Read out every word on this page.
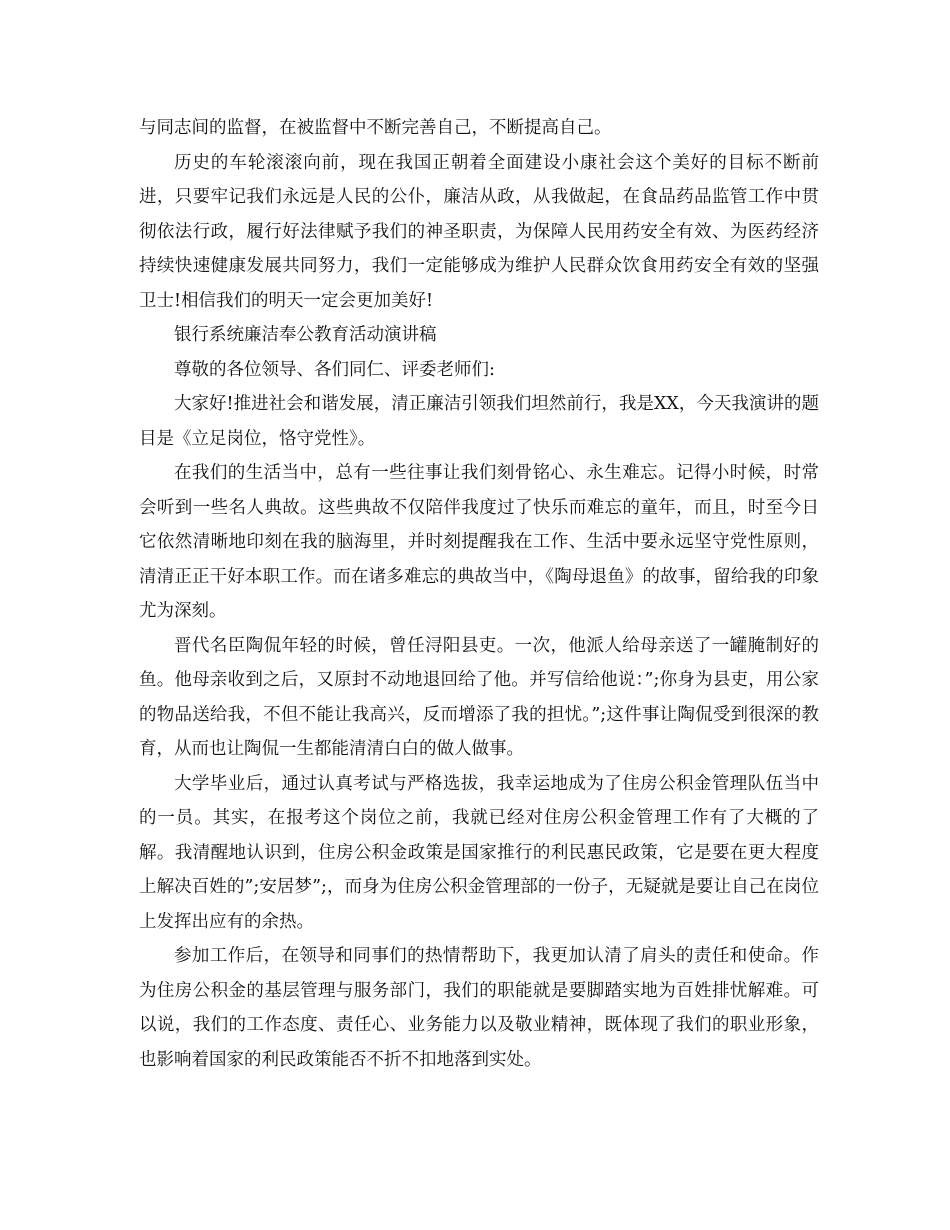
与同志间的监督，在被监督中不断完善自己，不断提高自己。

历史的车轮滚滚向前，现在我国正朝着全面建设小康社会这个美好的目标不断前进，只要牢记我们永远是人民的公仆，廉洁从政，从我做起，在食品药品监管工作中贯彻依法行政，履行好法律赋予我们的神圣职责，为保障人民用药安全有效、为医药经济持续快速健康发展共同努力，我们一定能够成为维护人民群众饮食用药安全有效的坚强卫士!相信我们的明天一定会更加美好!

银行系统廉洁奉公教育活动演讲稿

尊敬的各位领导、各们同仁、评委老师们:

大家好!推进社会和谐发展，清正廉洁引领我们坦然前行，我是XX，今天我演讲的题目是《立足岗位，恪守党性》。

在我们的生活当中，总有一些往事让我们刻骨铭心、永生难忘。记得小时候，时常会听到一些名人典故。这些典故不仅陪伴我度过了快乐而难忘的童年，而且，时至今日它依然清晰地印刻在我的脑海里，并时刻提醒我在工作、生活中要永远坚守党性原则，清清正正干好本职工作。而在诸多难忘的典故当中，《陶母退鱼》的故事，留给我的印象尤为深刻。

晋代名臣陶侃年轻的时候，曾任浔阳县吏。一次，他派人给母亲送了一罐腌制好的鱼。他母亲收到之后，又原封不动地退回给了他。并写信给他说：”;你身为县吏，用公家的物品送给我，不但不能让我高兴，反而增添了我的担忧。”;这件事让陶侃受到很深的教育，从而也让陶侃一生都能清清白白的做人做事。

大学毕业后，通过认真考试与严格选拔，我幸运地成为了住房公积金管理队伍当中的一员。其实，在报考这个岗位之前，我就已经对住房公积金管理工作有了大概的了解。我清醒地认识到，住房公积金政策是国家推行的利民惠民政策，它是要在更大程度上解决百姓的”;安居梦”;，而身为住房公积金管理部的一份子，无疑就是要让自己在岗位上发挥出应有的余热。

参加工作后，在领导和同事们的热情帮助下，我更加认清了肩头的责任和使命。作为住房公积金的基层管理与服务部门，我们的职能就是要脚踏实地为百姓排忧解难。可以说，我们的工作态度、责任心、业务能力以及敬业精神，既体现了我们的职业形象，也影响着国家的利民政策能否不折不扣地落到实处。
